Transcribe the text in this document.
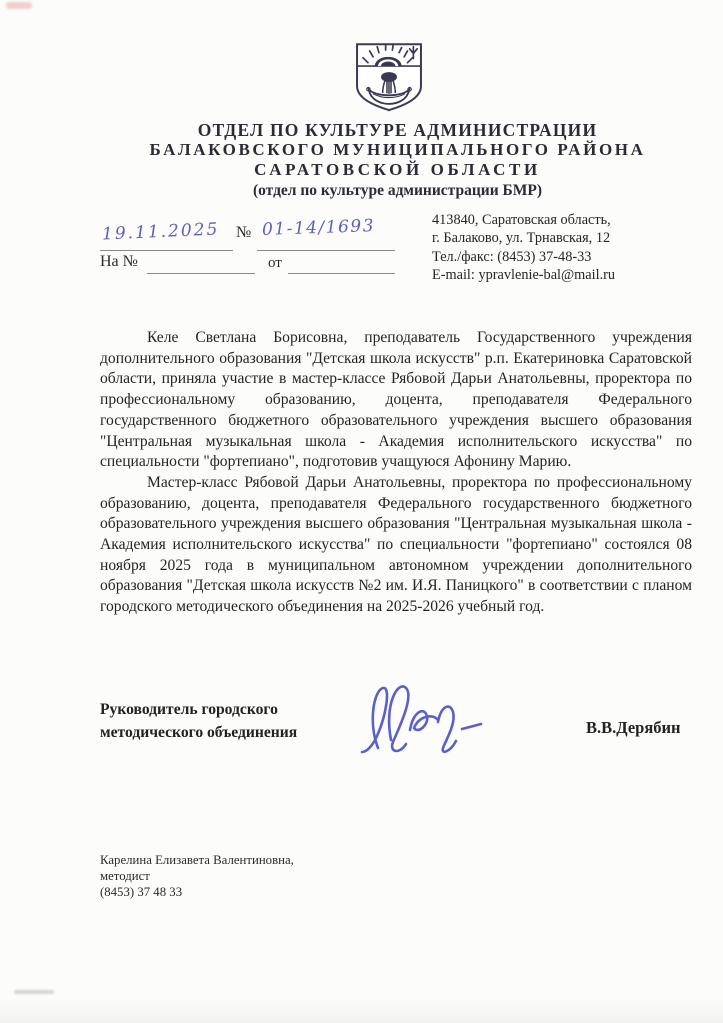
ОТДЕЛ ПО КУЛЬТУРЕ АДМИНИСТРАЦИИ
БАЛАКОВСКОГО МУНИЦИПАЛЬНОГО РАЙОНА
САРАТОВСКОЙ ОБЛАСТИ
(отдел по культуре администрации БМР)
19.11.2025 № 01-14/1693
На №	от
413840, Саратовская область,
г. Балаково, ул. Трнавская, 12
Тел./факс: (8453) 37-48-33
E-mail: ypravlenie-bal@mail.ru

Келе Светлана Борисовна, преподаватель Государственного учреждения дополнительного образования "Детская школа искусств" р.п. Екатериновка Саратовской области, приняла участие в мастер-классе Рябовой Дарьи Анатольевны, проректора по профессиональному образованию, доцента, преподавателя Федерального государственного бюджетного образовательного учреждения высшего образования "Центральная музыкальная школа - Академия исполнительского искусства" по специальности "фортепиано", подготовив учащуюся Афонину Марию.

Мастер-класс Рябовой Дарьи Анатольевны, проректора по профессиональному образованию, доцента, преподавателя Федерального государственного бюджетного образовательного учреждения высшего образования "Центральная музыкальная школа - Академия исполнительского искусства" по специальности "фортепиано" состоялся 08 ноября 2025 года в муниципальном автономном учреждении дополнительного образования "Детская школа искусств №2 им. И.Я. Паницкого" в соответствии с планом городского методического объединения на 2025-2026 учебный год.

Руководитель городского
методического объединения	В.В.Дерябин
Карелина Елизавета Валентиновна,
методист
(8453) 37 48 33
